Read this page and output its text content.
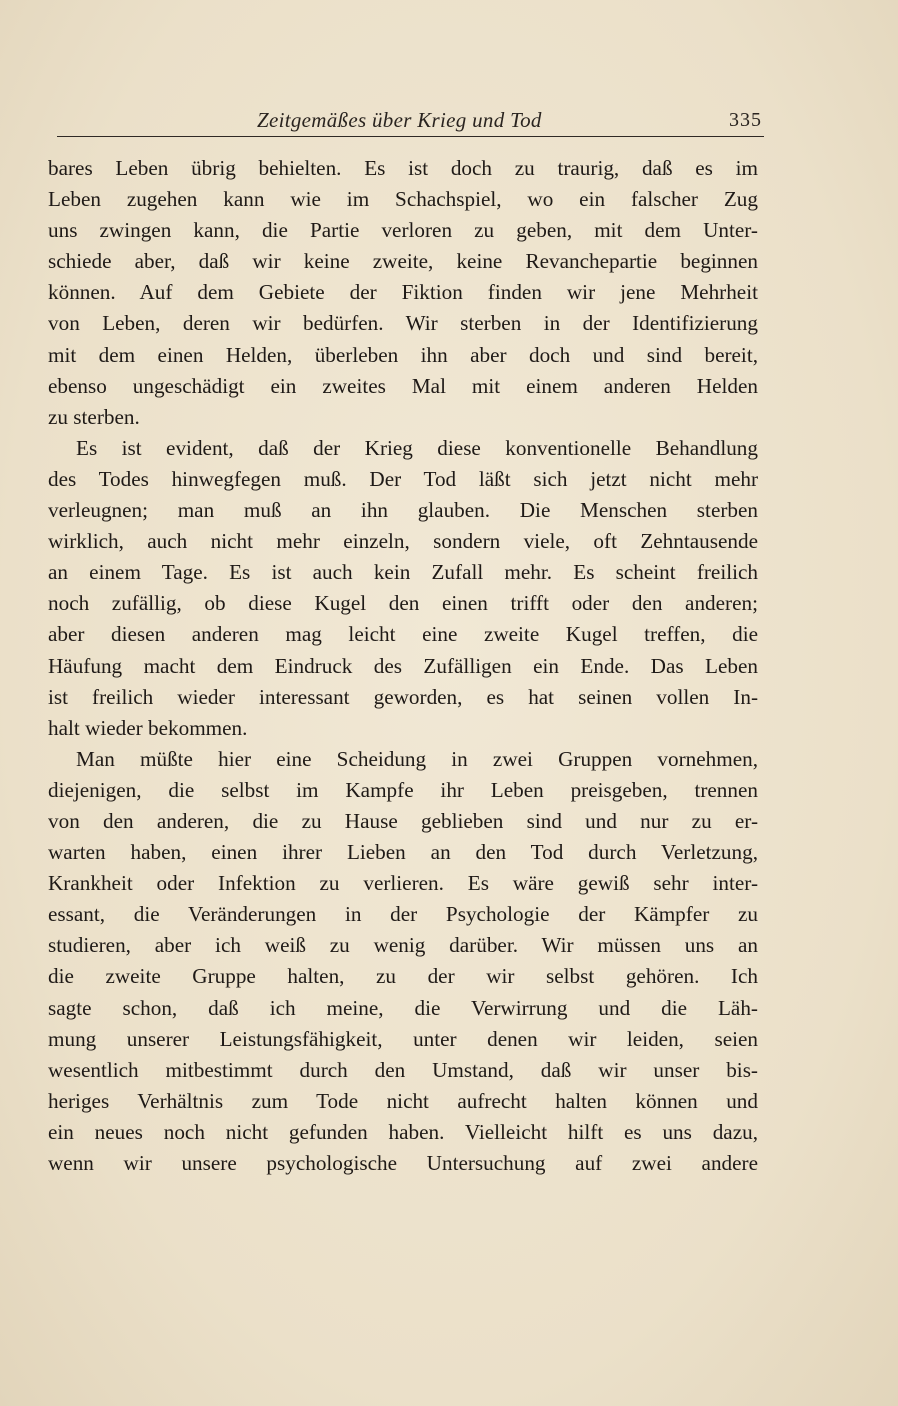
Zeitgemäßes über Krieg und Tod	335
bares Leben übrig behielten. Es ist doch zu traurig, daß es im
Leben zugehen kann wie im Schachspiel, wo ein falscher Zug
uns zwingen kann, die Partie verloren zu geben, mit dem Unter-
schiede aber, daß wir keine zweite, keine Revanchepartie beginnen
können. Auf dem Gebiete der Fiktion finden wir jene Mehrheit
von Leben, deren wir bedürfen. Wir sterben in der Identifizierung
mit dem einen Helden, überleben ihn aber doch und sind bereit,
ebenso ungeschädigt ein zweites Mal mit einem anderen Helden
zu sterben.
Es ist evident, daß der Krieg diese konventionelle Behandlung
des Todes hinwegfegen muß. Der Tod läßt sich jetzt nicht mehr
verleugnen; man muß an ihn glauben. Die Menschen sterben
wirklich, auch nicht mehr einzeln, sondern viele, oft Zehntausende
an einem Tage. Es ist auch kein Zufall mehr. Es scheint freilich
noch zufällig, ob diese Kugel den einen trifft oder den anderen;
aber diesen anderen mag leicht eine zweite Kugel treffen, die
Häufung macht dem Eindruck des Zufälligen ein Ende. Das Leben
ist freilich wieder interessant geworden, es hat seinen vollen In-
halt wieder bekommen.
Man müßte hier eine Scheidung in zwei Gruppen vornehmen,
diejenigen, die selbst im Kampfe ihr Leben preisgeben, trennen
von den anderen, die zu Hause geblieben sind und nur zu er-
warten haben, einen ihrer Lieben an den Tod durch Verletzung,
Krankheit oder Infektion zu verlieren. Es wäre gewiß sehr inter-
essant, die Veränderungen in der Psychologie der Kämpfer zu
studieren, aber ich weiß zu wenig darüber. Wir müssen uns an
die zweite Gruppe halten, zu der wir selbst gehören. Ich
sagte schon, daß ich meine, die Verwirrung und die Läh-
mung unserer Leistungsfähigkeit, unter denen wir leiden, seien
wesentlich mitbestimmt durch den Umstand, daß wir unser bis-
heriges Verhältnis zum Tode nicht aufrecht halten können und
ein neues noch nicht gefunden haben. Vielleicht hilft es uns dazu,
wenn wir unsere psychologische Untersuchung auf zwei andere
